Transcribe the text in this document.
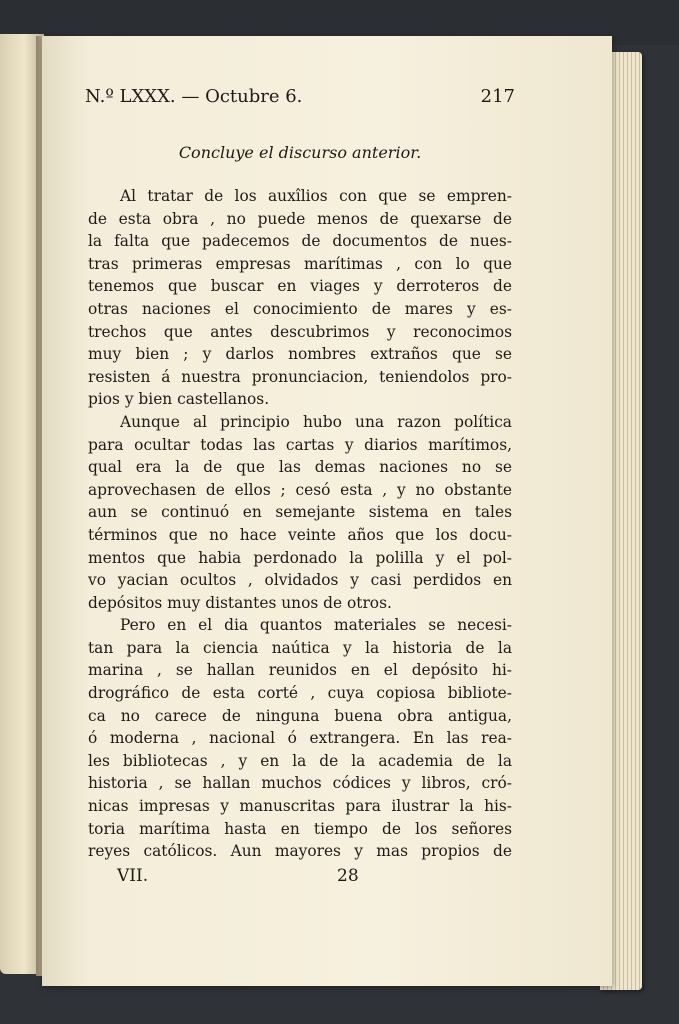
N.º LXXX. — Octubre 6.	217
Concluye el discurso anterior.
Al tratar de los auxîlios con que se empren-
de esta obra , no puede menos de quexarse de
la falta que padecemos de documentos de nues-
tras primeras empresas marítimas , con lo que
tenemos que buscar en viages y derroteros de
otras naciones el conocimiento de mares y es-
trechos que antes descubrimos y reconocimos
muy bien ; y darlos nombres extraños que se
resisten á nuestra pronunciacion, teniendolos pro-
pios y bien castellanos.
Aunque al principio hubo una razon política
para ocultar todas las cartas y diarios marítimos,
qual era la de que las demas naciones no se
aprovechasen de ellos ; cesó esta , y no obstante
aun se continuó en semejante sistema en tales
términos que no hace veinte años que los docu-
mentos que habia perdonado la polilla y el pol-
vo yacian ocultos , olvidados y casi perdidos en
depósitos muy distantes unos de otros.
Pero en el dia quantos materiales se necesi-
tan para la ciencia naútica y la historia de la
marina , se hallan reunidos en el depósito hi-
drográfico de esta corté , cuya copiosa bibliote-
ca no carece de ninguna buena obra antigua,
ó moderna , nacional ó extrangera. En las rea-
les bibliotecas , y en la de la academia de la
historia , se hallan muchos códices y libros, cró-
nicas impresas y manuscritas para ilustrar la his-
toria marítima hasta en tiempo de los señores
reyes católicos. Aun mayores y mas propios de
VII.	28
